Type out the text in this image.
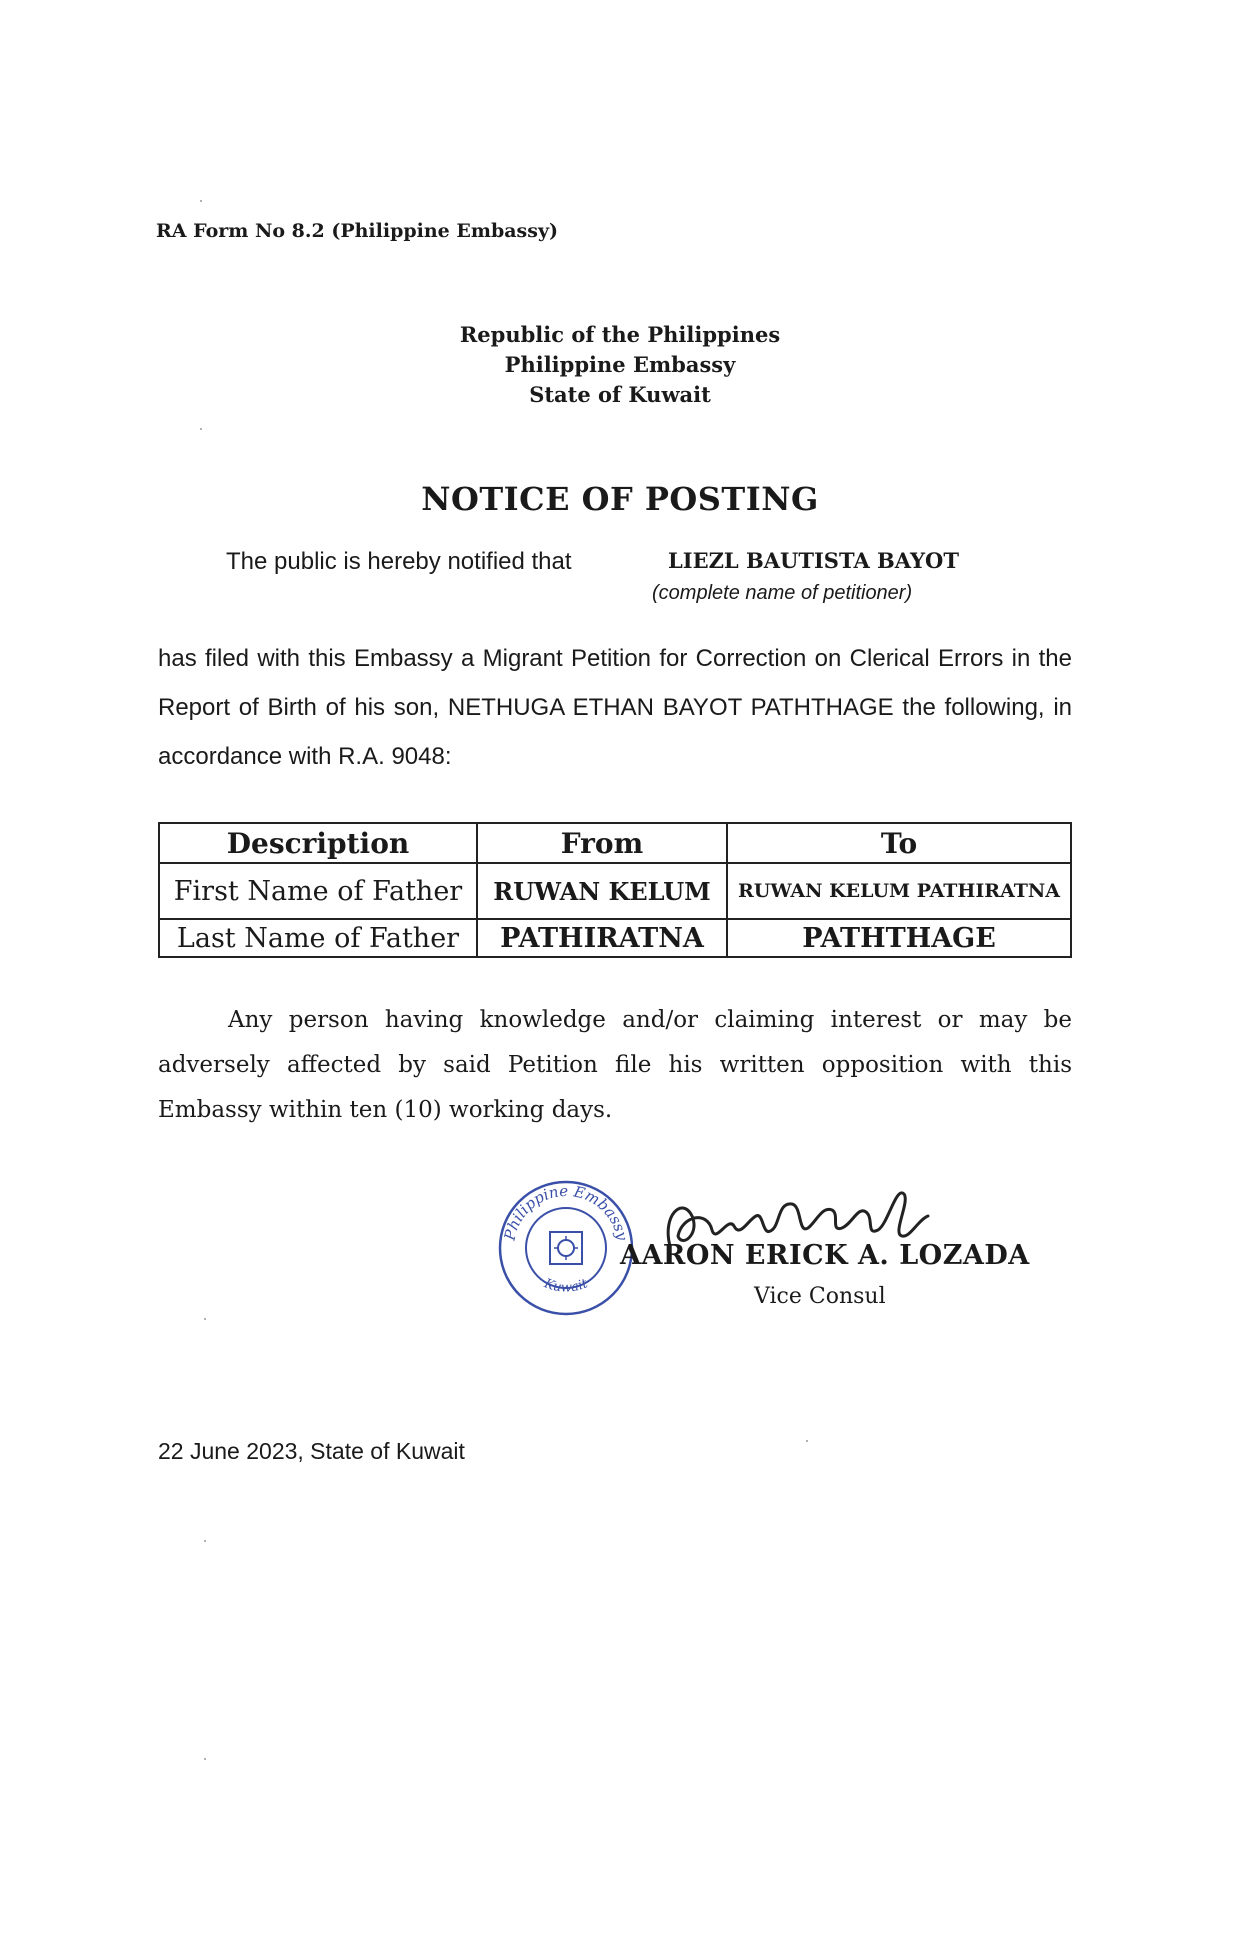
RA Form No 8.2 (Philippine Embassy)
Republic of the Philippines
Philippine Embassy
State of Kuwait
NOTICE OF POSTING
The public is hereby notified that	LIEZL BAUTISTA BAYOT
(complete name of petitioner)
has filed with this Embassy a Migrant Petition for Correction on Clerical Errors in the Report of Birth of his son, NETHUGA ETHAN BAYOT PATHTHAGE the following, in accordance with R.A. 9048:
Description	From	To
First Name of Father	RUWAN KELUM	RUWAN KELUM PATHIRATNA
Last Name of Father	PATHIRATNA	PATHTHAGE
Any person having knowledge and/or claiming interest or may be adversely affected by said Petition file his written opposition with this Embassy within ten (10) working days.
Philippine Embassy
Kuwait
AARON ERICK A. LOZADA
Vice Consul
22 June 2023, State of Kuwait
